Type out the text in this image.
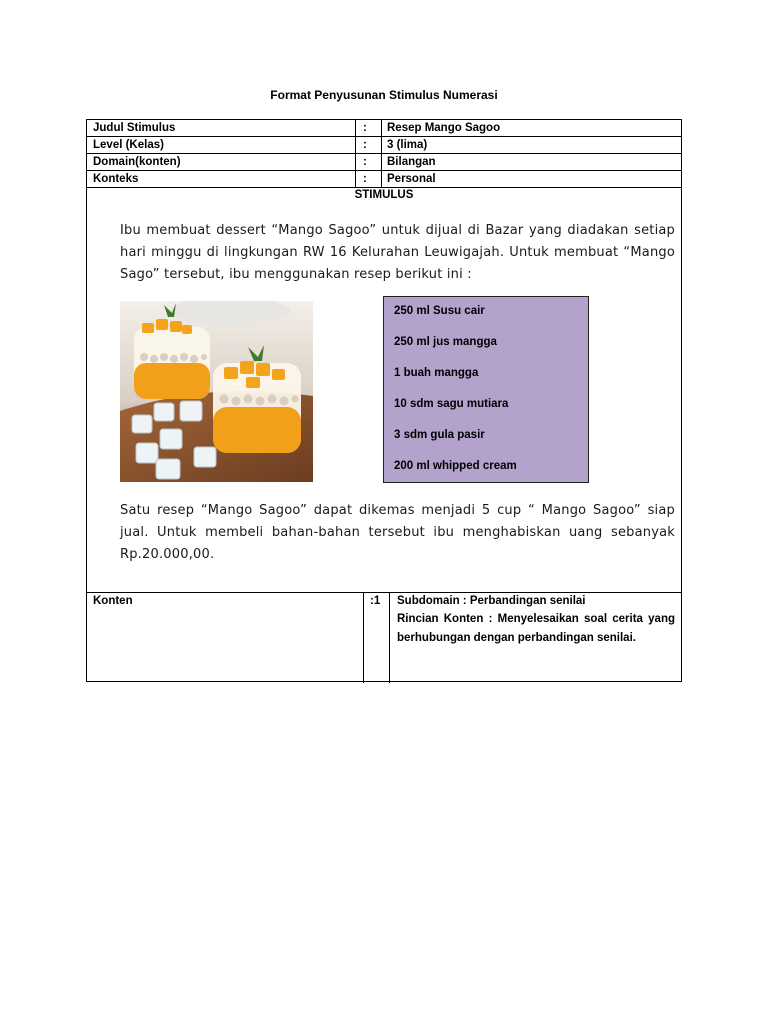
Format Penyusunan Stimulus Numerasi
Judul Stimulus	: Resep Mango Sagoo
Level (Kelas)	: 3 (lima)
Domain(konten)	: Bilangan
Konteks	: Personal
STIMULUS
Ibu membuat dessert “Mango Sagoo” untuk dijual di Bazar yang diadakan setiap hari minggu di lingkungan RW 16 Kelurahan Leuwigajah. Untuk membuat “Mango Sago” tersebut, ibu menggunakan resep berikut ini :
250 ml Susu cair
250 ml jus mangga
1 buah mangga
10 sdm sagu mutiara
3 sdm gula pasir
200 ml whipped cream
Satu resep “Mango Sagoo” dapat dikemas menjadi 5 cup “ Mango Sagoo” siap jual. Untuk membeli bahan-bahan tersebut ibu menghabiskan uang sebanyak Rp.20.000,00.
Konten	:1 Subdomain : Perbandingan senilai
Rincian Konten : Menyelesaikan soal cerita yang berhubungan dengan perbandingan senilai.
